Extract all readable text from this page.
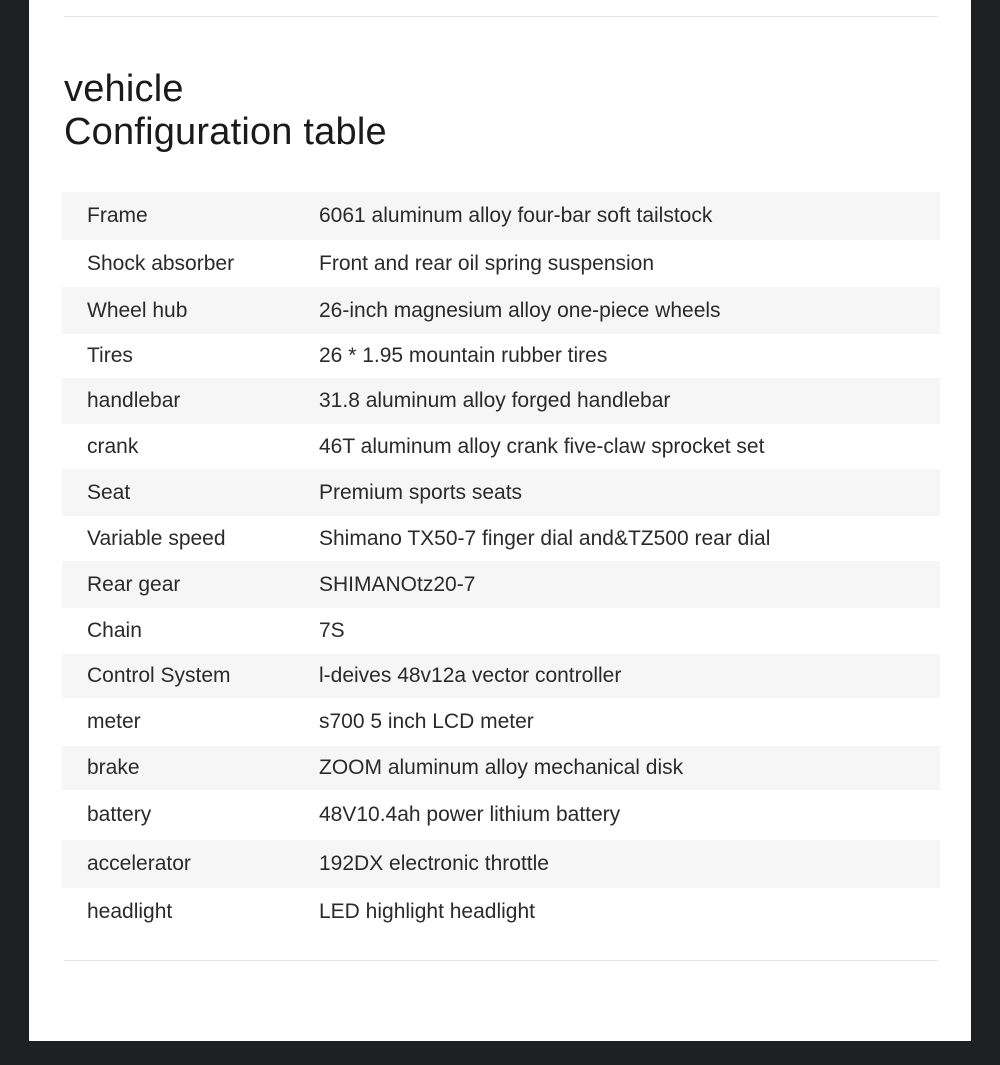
vehicle
Configuration table
Frame	6061 aluminum alloy four-bar soft tailstock
Shock absorber	Front and rear oil spring suspension
Wheel hub	26-inch magnesium alloy one-piece wheels
Tires	26 * 1.95 mountain rubber tires
handlebar	31.8 aluminum alloy forged handlebar
crank	46T aluminum alloy crank five-claw sprocket set
Seat	Premium sports seats
Variable speed	Shimano TX50-7 finger dial and&TZ500 rear dial
Rear gear	SHIMANOtz20-7
Chain	7S
Control System	l-deives 48v12a vector controller
meter	s700 5 inch LCD meter
brake	ZOOM aluminum alloy mechanical disk
battery	48V10.4ah power lithium battery
accelerator	192DX electronic throttle
headlight	LED highlight headlight
